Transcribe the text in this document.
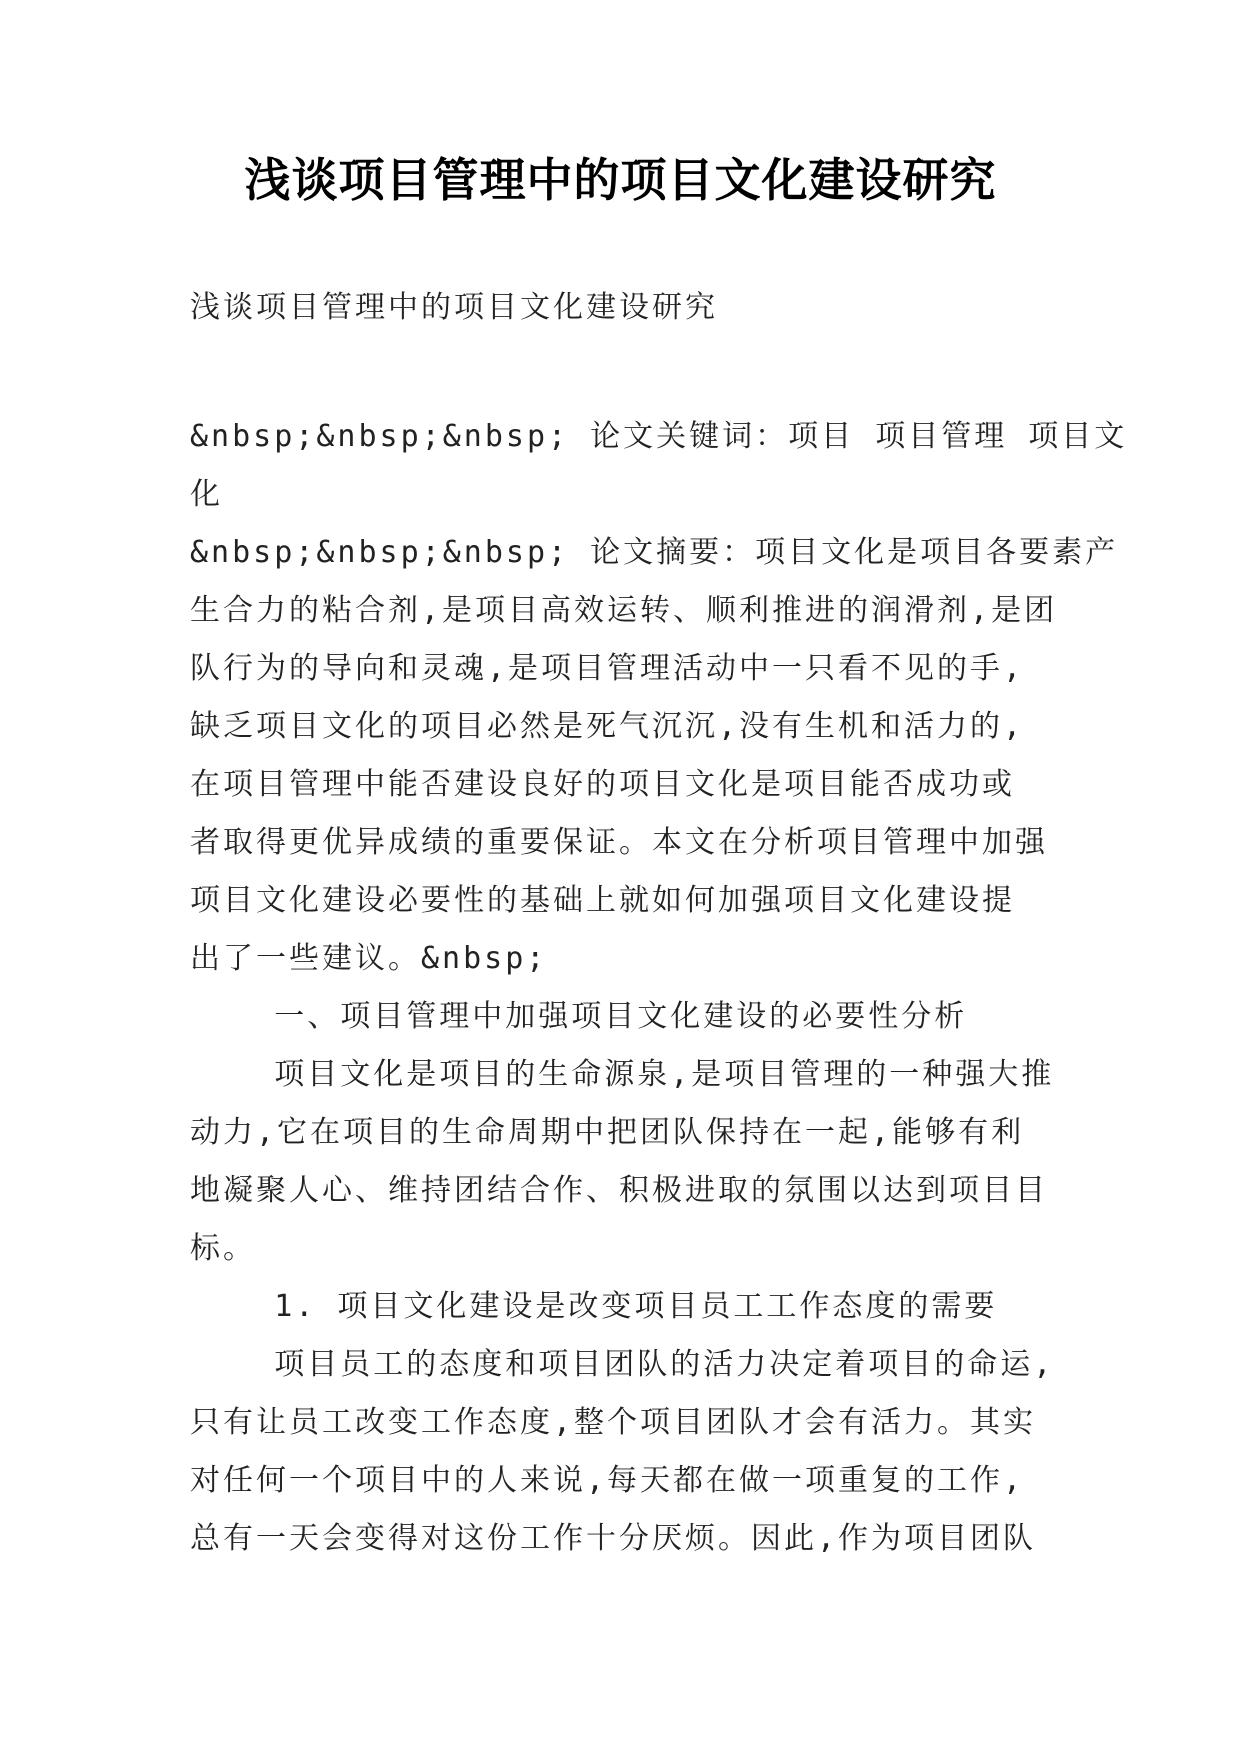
浅谈项目管理中的项目文化建设研究
浅谈项目管理中的项目文化建设研究
&nbsp;&nbsp;&nbsp; 论文关键词：项目 项目管理 项目文
化
&nbsp;&nbsp;&nbsp; 论文摘要：项目文化是项目各要素产
生合力的粘合剂,是项目高效运转、顺利推进的润滑剂,是团
队行为的导向和灵魂,是项目管理活动中一只看不见的手,
缺乏项目文化的项目必然是死气沉沉,没有生机和活力的,
在项目管理中能否建设良好的项目文化是项目能否成功或
者取得更优异成绩的重要保证。本文在分析项目管理中加强
项目文化建设必要性的基础上就如何加强项目文化建设提
出了一些建议。&nbsp;
一、项目管理中加强项目文化建设的必要性分析
项目文化是项目的生命源泉,是项目管理的一种强大推
动力,它在项目的生命周期中把团队保持在一起,能够有利
地凝聚人心、维持团结合作、积极进取的氛围以达到项目目
标。
1. 项目文化建设是改变项目员工工作态度的需要
项目员工的态度和项目团队的活力决定着项目的命运,
只有让员工改变工作态度,整个项目团队才会有活力。其实
对任何一个项目中的人来说,每天都在做一项重复的工作,
总有一天会变得对这份工作十分厌烦。因此,作为项目团队
